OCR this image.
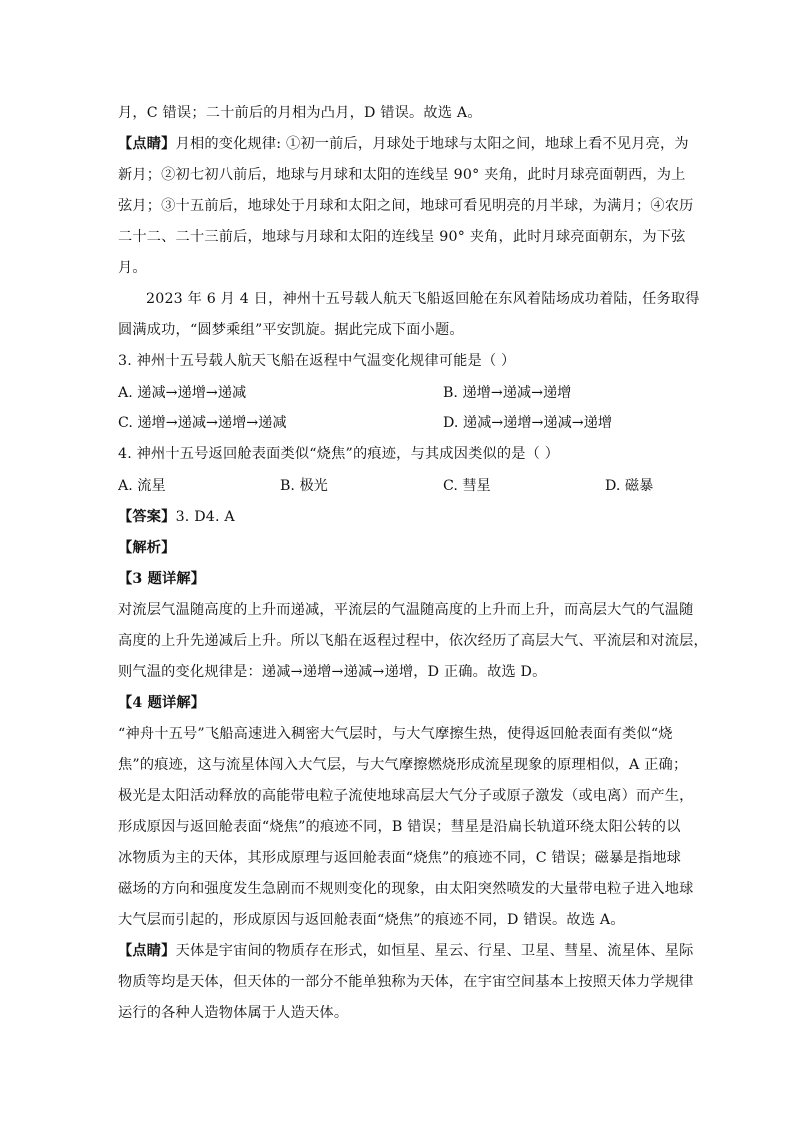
月，C 错误；二十前后的月相为凸月，D 错误。故选 A。
【点睛】月相的变化规律: ①初一前后，月球处于地球与太阳之间，地球上看不见月亮，为
新月；②初七初八前后，地球与月球和太阳的连线呈 90° 夹角，此时月球亮面朝西，为上
弦月；③十五前后，地球处于月球和太阳之间，地球可看见明亮的月半球，为满月；④农历
二十二、二十三前后，地球与月球和太阳的连线呈 90° 夹角，此时月球亮面朝东，为下弦
月。
2023 年 6 月 4 日，神州十五号载人航天飞船返回舱在东风着陆场成功着陆，任务取得
圆满成功，“圆梦乘组”平安凯旋。据此完成下面小题。
3. 神州十五号载人航天飞船在返程中气温变化规律可能是（ ）
A. 递减→递增→递减	B. 递增→递减→递增
C. 递增→递减→递增→递减	D. 递减→递增→递减→递增
4. 神州十五号返回舱表面类似“烧焦”的痕迹，与其成因类似的是（ ）
A. 流星	B. 极光	C. 彗星	D. 磁暴
【答案】3. D4. A
【解析】
【3 题详解】
对流层气温随高度的上升而递减，平流层的气温随高度的上升而上升，而高层大气的气温随
高度的上升先递减后上升。所以飞船在返程过程中，依次经历了高层大气、平流层和对流层，
则气温的变化规律是：递减→递增→递减→递增，D 正确。故选 D。
【4 题详解】
“神舟十五号”飞船高速进入稠密大气层时，与大气摩擦生热，使得返回舱表面有类似“烧
焦”的痕迹，这与流星体闯入大气层，与大气摩擦燃烧形成流星现象的原理相似，A 正确；
极光是太阳活动释放的高能带电粒子流使地球高层大气分子或原子激发（或电离）而产生，
形成原因与返回舱表面“烧焦”的痕迹不同，B 错误；彗星是沿扁长轨道环绕太阳公转的以
冰物质为主的天体，其形成原理与返回舱表面“烧焦”的痕迹不同，C 错误；磁暴是指地球
磁场的方向和强度发生急剧而不规则变化的现象，由太阳突然喷发的大量带电粒子进入地球
大气层而引起的，形成原因与返回舱表面“烧焦”的痕迹不同，D 错误。故选 A。
【点睛】天体是宇宙间的物质存在形式，如恒星、星云、行星、卫星、彗星、流星体、星际
物质等均是天体，但天体的一部分不能单独称为天体，在宇宙空间基本上按照天体力学规律
运行的各种人造物体属于人造天体。
